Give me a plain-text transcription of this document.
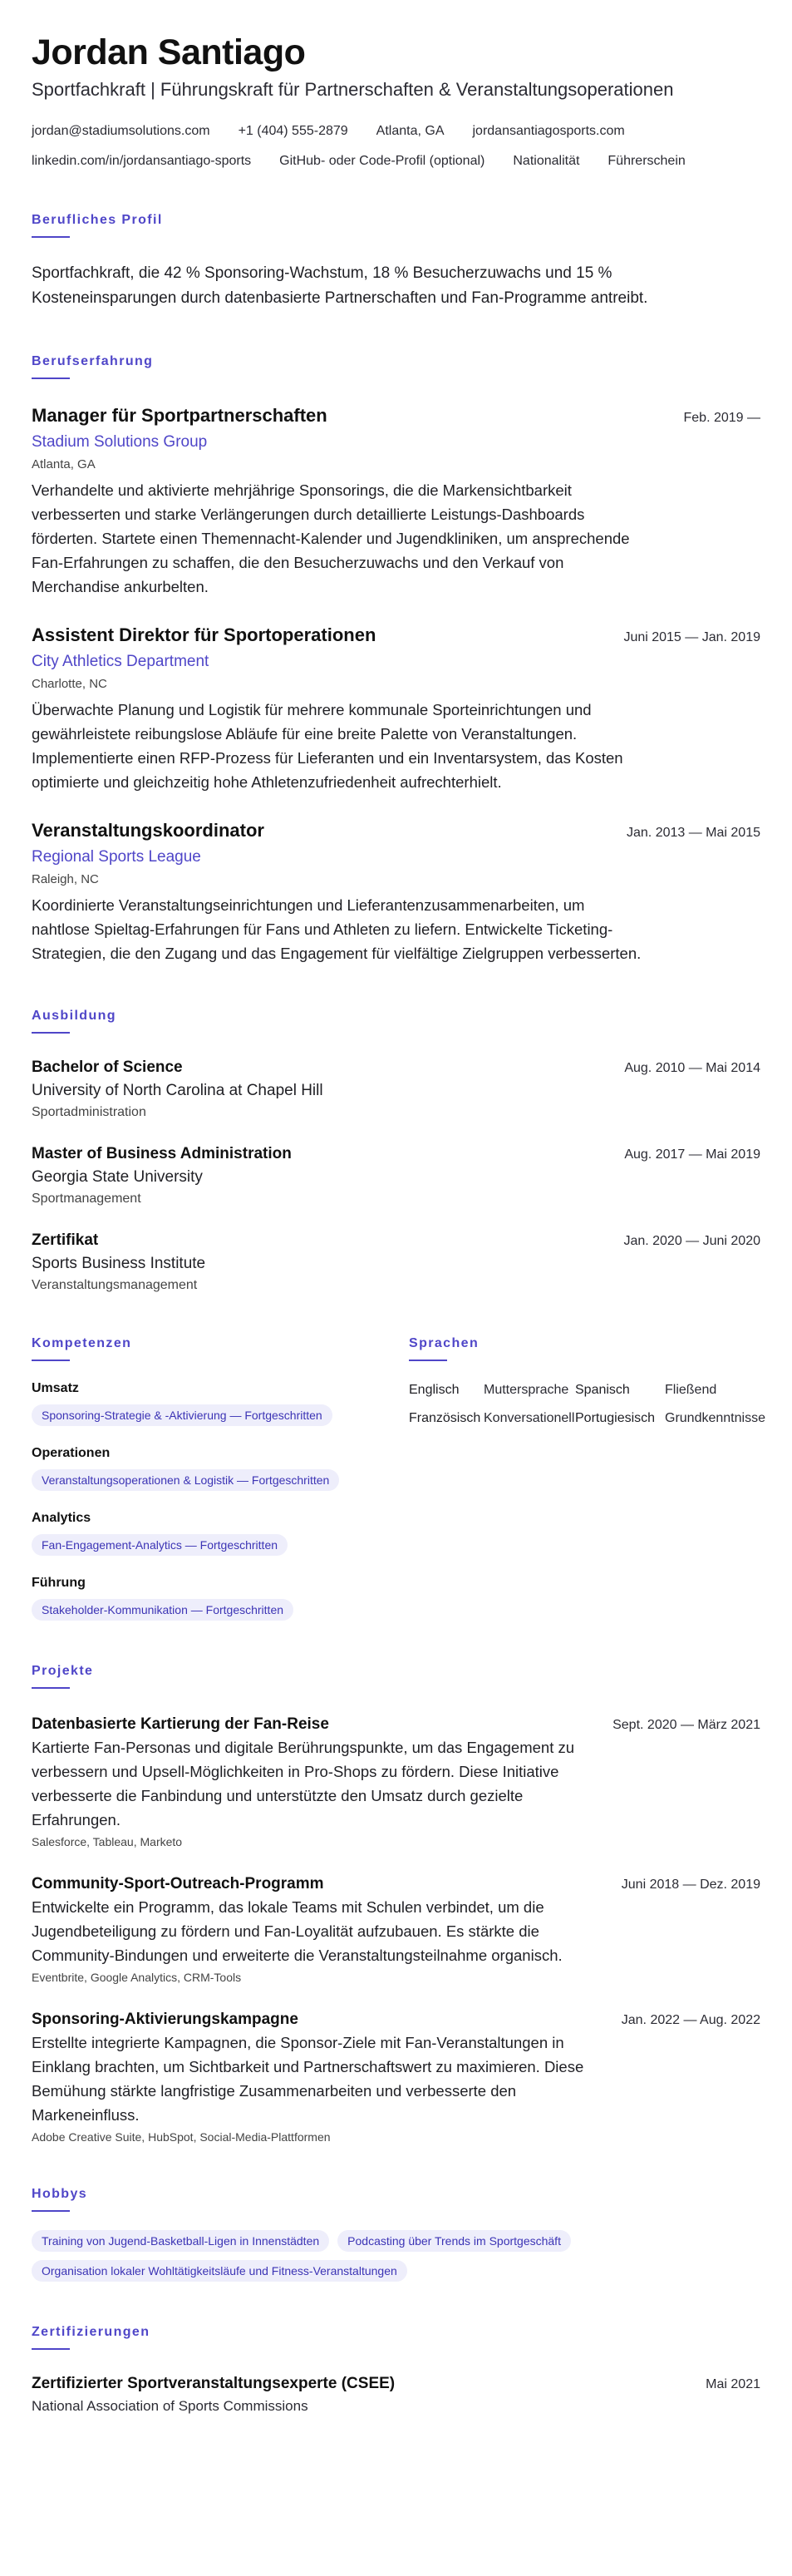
Jordan Santiago
Sportfachkraft | Führungskraft für Partnerschaften & Veranstaltungsoperationen
jordan@stadiumsolutions.com +1 (404) 555-2879 Atlanta, GA jordansantiagosports.com
linkedin.com/in/jordansantiago-sports GitHub- oder Code-Profil (optional) Nationalität Führerschein
Berufliches Profil
Sportfachkraft, die 42 % Sponsoring-Wachstum, 18 % Besucherzuwachs und 15 % Kosteneinsparungen durch datenbasierte Partnerschaften und Fan-Programme antreibt.
Berufserfahrung
Manager für Sportpartnerschaften	Feb. 2019 —
Stadium Solutions Group
Atlanta, GA
Verhandelte und aktivierte mehrjährige Sponsorings, die die Markensichtbarkeit verbesserten und starke Verlängerungen durch detaillierte Leistungs-Dashboards förderten. Startete einen Themennacht-Kalender und Jugendkliniken, um ansprechende Fan-Erfahrungen zu schaffen, die den Besucherzuwachs und den Verkauf von Merchandise ankurbelten.
Assistent Direktor für Sportoperationen	Juni 2015 — Jan. 2019
City Athletics Department
Charlotte, NC
Überwachte Planung und Logistik für mehrere kommunale Sporteinrichtungen und gewährleistete reibungslose Abläufe für eine breite Palette von Veranstaltungen. Implementierte einen RFP-Prozess für Lieferanten und ein Inventarsystem, das Kosten optimierte und gleichzeitig hohe Athletenzufriedenheit aufrechterhielt.
Veranstaltungskoordinator	Jan. 2013 — Mai 2015
Regional Sports League
Raleigh, NC
Koordinierte Veranstaltungseinrichtungen und Lieferantenzusammenarbeiten, um nahtlose Spieltag-Erfahrungen für Fans und Athleten zu liefern. Entwickelte Ticketing-Strategien, die den Zugang und das Engagement für vielfältige Zielgruppen verbesserten.
Ausbildung
Bachelor of Science	Aug. 2010 — Mai 2014
University of North Carolina at Chapel Hill
Sportadministration
Master of Business Administration	Aug. 2017 — Mai 2019
Georgia State University
Sportmanagement
Zertifikat	Jan. 2020 — Juni 2020
Sports Business Institute
Veranstaltungsmanagement
Kompetenzen
Umsatz
Sponsoring-Strategie & -Aktivierung — Fortgeschritten
Operationen
Veranstaltungsoperationen & Logistik — Fortgeschritten
Analytics
Fan-Engagement-Analytics — Fortgeschritten
Führung
Stakeholder-Kommunikation — Fortgeschritten
Sprachen
Englisch	Muttersprache Spanisch	Fließend
Französisch Konversationell Portugiesisch Grundkenntnisse
Projekte
Datenbasierte Kartierung der Fan-Reise	Sept. 2020 — März 2021
Kartierte Fan-Personas und digitale Berührungspunkte, um das Engagement zu verbessern und Upsell-Möglichkeiten in Pro-Shops zu fördern. Diese Initiative verbesserte die Fanbindung und unterstützte den Umsatz durch gezielte Erfahrungen.
Salesforce, Tableau, Marketo
Community-Sport-Outreach-Programm	Juni 2018 — Dez. 2019
Entwickelte ein Programm, das lokale Teams mit Schulen verbindet, um die Jugendbeteiligung zu fördern und Fan-Loyalität aufzubauen. Es stärkte die Community-Bindungen und erweiterte die Veranstaltungsteilnahme organisch.
Eventbrite, Google Analytics, CRM-Tools
Sponsoring-Aktivierungskampagne	Jan. 2022 — Aug. 2022
Erstellte integrierte Kampagnen, die Sponsor-Ziele mit Fan-Veranstaltungen in Einklang brachten, um Sichtbarkeit und Partnerschaftswert zu maximieren. Diese Bemühung stärkte langfristige Zusammenarbeiten und verbesserte den Markeneinfluss.
Adobe Creative Suite, HubSpot, Social-Media-Plattformen
Hobbys
Training von Jugend-Basketball-Ligen in Innenstädten	Podcasting über Trends im Sportgeschäft
Organisation lokaler Wohltätigkeitsläufe und Fitness-Veranstaltungen
Zertifizierungen
Zertifizierter Sportveranstaltungsexperte (CSEE)	Mai 2021
National Association of Sports Commissions
